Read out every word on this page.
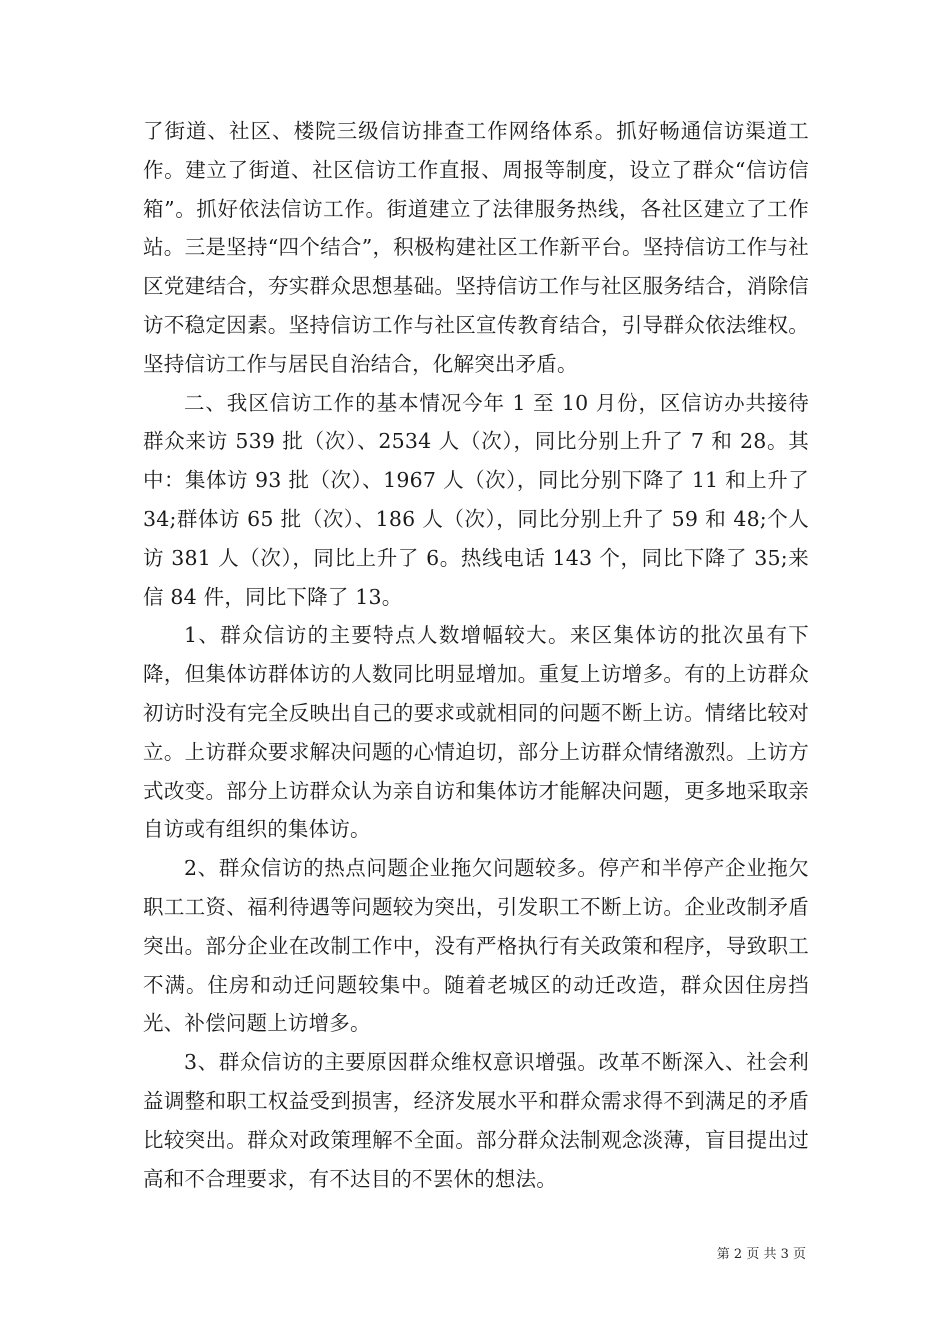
了街道、社区、楼院三级信访排查工作网络体系。抓好畅通信访渠道工作。建立了街道、社区信访工作直报、周报等制度，设立了群众“信访信箱”。抓好依法信访工作。街道建立了法律服务热线，各社区建立了工作站。三是坚持“四个结合”，积极构建社区工作新平台。坚持信访工作与社区党建结合，夯实群众思想基础。坚持信访工作与社区服务结合，消除信访不稳定因素。坚持信访工作与社区宣传教育结合，引导群众依法维权。坚持信访工作与居民自治结合，化解突出矛盾。

二、我区信访工作的基本情况今年 1 至 10 月份，区信访办共接待群众来访 539 批（次）、2534 人（次），同比分别上升了 7 和 28。其中：集体访 93 批（次）、1967 人（次），同比分别下降了 11 和上升了 34;群体访 65 批（次）、186 人（次），同比分别上升了 59 和 48;个人访 381 人（次），同比上升了 6。热线电话 143 个，同比下降了 35;来信 84 件，同比下降了 13。

1、群众信访的主要特点人数增幅较大。来区集体访的批次虽有下降，但集体访群体访的人数同比明显增加。重复上访增多。有的上访群众初访时没有完全反映出自己的要求或就相同的问题不断上访。情绪比较对立。上访群众要求解决问题的心情迫切，部分上访群众情绪激烈。上访方式改变。部分上访群众认为亲自访和集体访才能解决问题，更多地采取亲自访或有组织的集体访。

2、群众信访的热点问题企业拖欠问题较多。停产和半停产企业拖欠职工工资、福利待遇等问题较为突出，引发职工不断上访。企业改制矛盾突出。部分企业在改制工作中，没有严格执行有关政策和程序，导致职工不满。住房和动迁问题较集中。随着老城区的动迁改造，群众因住房挡光、补偿问题上访增多。

3、群众信访的主要原因群众维权意识增强。改革不断深入、社会利益调整和职工权益受到损害，经济发展水平和群众需求得不到满足的矛盾比较突出。群众对政策理解不全面。部分群众法制观念淡薄，盲目提出过高和不合理要求，有不达目的不罢休的想法。

第 2 页 共 3 页
